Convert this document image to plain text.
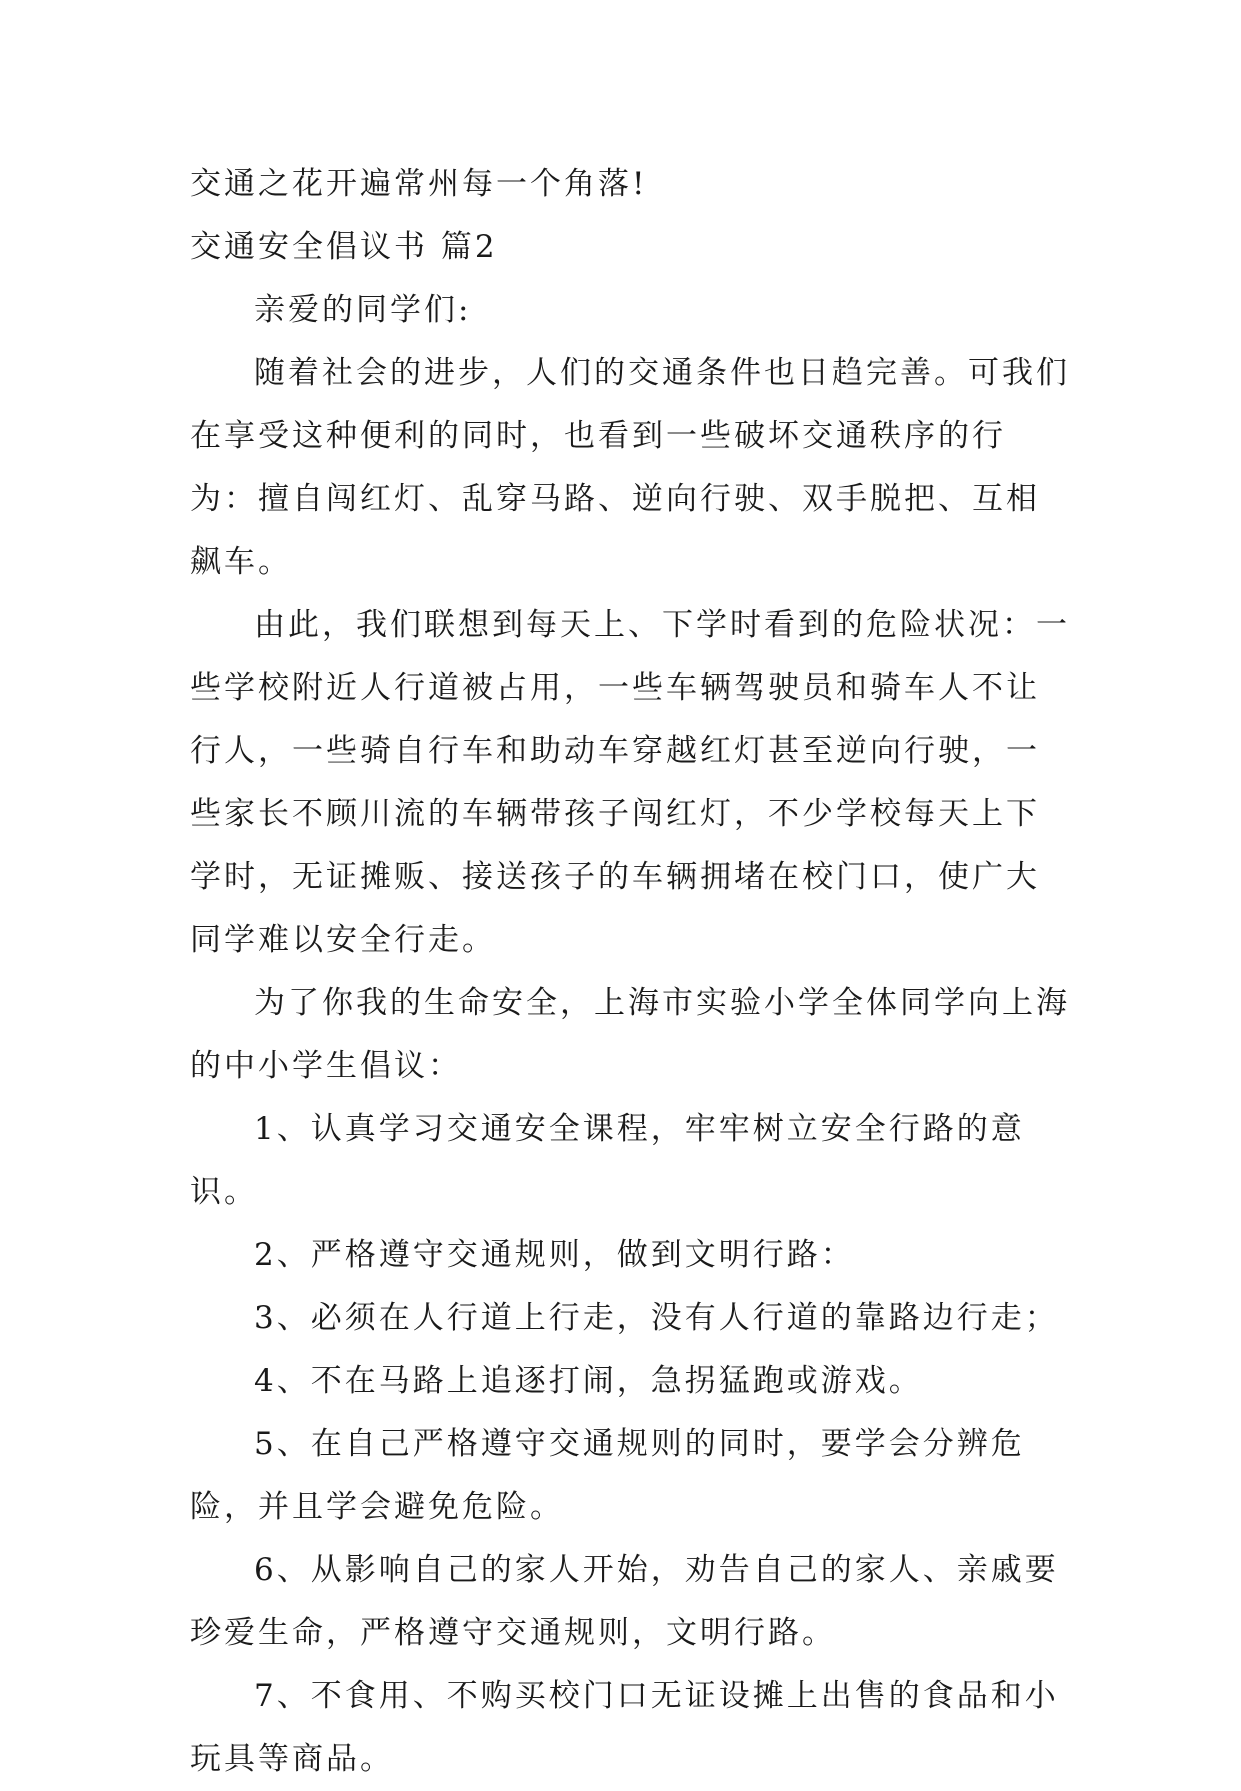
交通之花开遍常州每一个角落!

交通安全倡议书 篇2

亲爱的同学们:

随着社会的进步，人们的交通条件也日趋完善。可我们在享受这种便利的同时，也看到一些破坏交通秩序的行为：擅自闯红灯、乱穿马路、逆向行驶、双手脱把、互相飙车。

由此，我们联想到每天上、下学时看到的危险状况：一些学校附近人行道被占用，一些车辆驾驶员和骑车人不让行人，一些骑自行车和助动车穿越红灯甚至逆向行驶，一些家长不顾川流的车辆带孩子闯红灯，不少学校每天上下学时，无证摊贩、接送孩子的车辆拥堵在校门口，使广大同学难以安全行走。

为了你我的生命安全，上海市实验小学全体同学向上海的中小学生倡议：

1、认真学习交通安全课程，牢牢树立安全行路的意识。

2、严格遵守交通规则，做到文明行路：

3、必须在人行道上行走，没有人行道的靠路边行走；

4、不在马路上追逐打闹，急拐猛跑或游戏。

5、在自己严格遵守交通规则的同时，要学会分辨危险，并且学会避免危险。

6、从影响自己的家人开始，劝告自己的家人、亲戚要珍爱生命，严格遵守交通规则，文明行路。

7、不食用、不购买校门口无证设摊上出售的食品和小玩具等商品。
